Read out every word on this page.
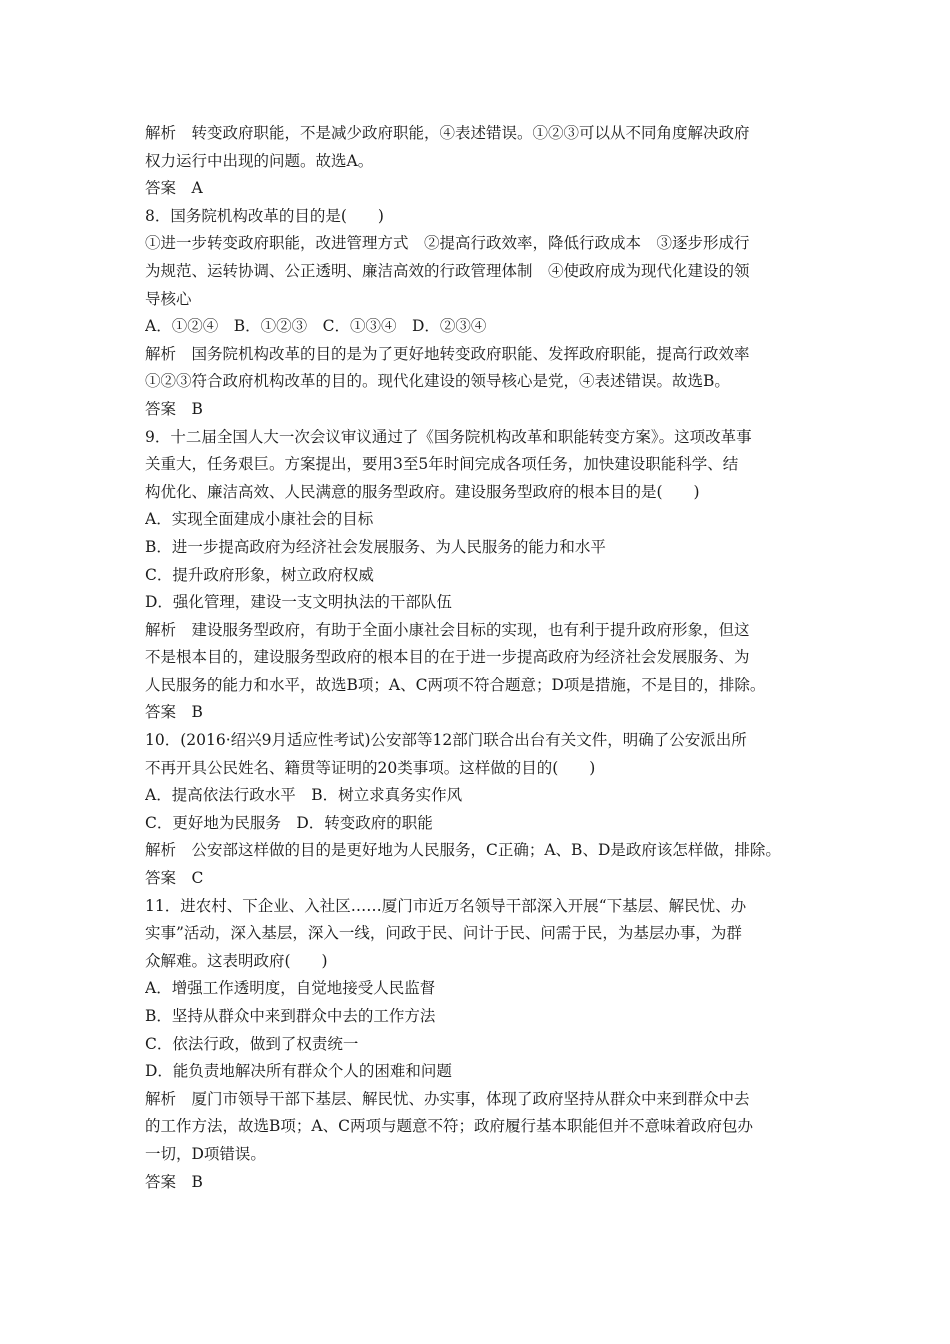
解析　转变政府职能，不是减少政府职能，④表述错误。①②③可以从不同角度解决政府
权力运行中出现的问题。故选A。
答案　A
8．国务院机构改革的目的是(　　)
①进一步转变政府职能，改进管理方式　②提高行政效率，降低行政成本　③逐步形成行
为规范、运转协调、公正透明、廉洁高效的行政管理体制　④使政府成为现代化建设的领
导核心
A．①②④　B．①②③　C．①③④　D．②③④
解析　国务院机构改革的目的是为了更好地转变政府职能、发挥政府职能，提高行政效率
①②③符合政府机构改革的目的。现代化建设的领导核心是党，④表述错误。故选B。
答案　B
9．十二届全国人大一次会议审议通过了《国务院机构改革和职能转变方案》。这项改革事
关重大，任务艰巨。方案提出，要用3至5年时间完成各项任务，加快建设职能科学、结
构优化、廉洁高效、人民满意的服务型政府。建设服务型政府的根本目的是(　　)
A．实现全面建成小康社会的目标
B．进一步提高政府为经济社会发展服务、为人民服务的能力和水平
C．提升政府形象，树立政府权威
D．强化管理，建设一支文明执法的干部队伍
解析　建设服务型政府，有助于全面小康社会目标的实现，也有利于提升政府形象，但这
不是根本目的，建设服务型政府的根本目的在于进一步提高政府为经济社会发展服务、为
人民服务的能力和水平，故选B项；A、C两项不符合题意；D项是措施，不是目的，排除。
答案　B
10．(2016·绍兴9月适应性考试)公安部等12部门联合出台有关文件，明确了公安派出所
不再开具公民姓名、籍贯等证明的20类事项。这样做的目的(　　)
A．提高依法行政水平　B．树立求真务实作风
C．更好地为民服务　D．转变政府的职能
解析　公安部这样做的目的是更好地为人民服务，C正确；A、B、D是政府该怎样做，排除。
答案　C
11．进农村、下企业、入社区……厦门市近万名领导干部深入开展“下基层、解民忧、办
实事”活动，深入基层，深入一线，问政于民、问计于民、问需于民，为基层办事，为群
众解难。这表明政府(　　)
A．增强工作透明度，自觉地接受人民监督
B．坚持从群众中来到群众中去的工作方法
C．依法行政，做到了权责统一
D．能负责地解决所有群众个人的困难和问题
解析　厦门市领导干部下基层、解民忧、办实事，体现了政府坚持从群众中来到群众中去
的工作方法，故选B项；A、C两项与题意不符；政府履行基本职能但并不意味着政府包办
一切，D项错误。
答案　B
